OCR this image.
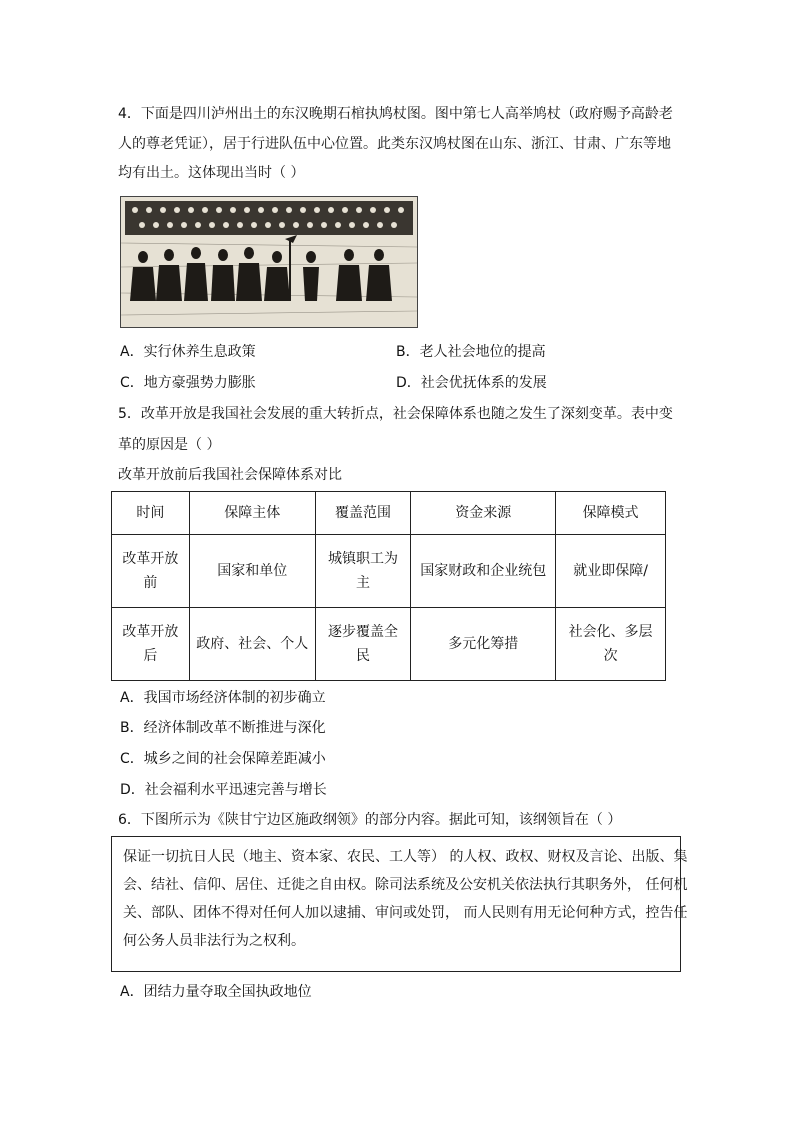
4．下面是四川泸州出土的东汉晚期石棺执鸠杖图。图中第七人高举鸠杖（政府赐予高龄老
人的尊老凭证），居于行进队伍中心位置。此类东汉鸠杖图在山东、浙江、甘肃、广东等地
均有出土。这体现出当时（ ）
A．实行休养生息政策	B．老人社会地位的提高
C．地方豪强势力膨胀	D．社会优抚体系的发展
5．改革开放是我国社会发展的重大转折点，社会保障体系也随之发生了深刻变革。表中变
革的原因是（ ）
改革开放前后我国社会保障体系对比
时间	保障主体	覆盖范围	资金来源	保障模式
改革开放前	国家和单位	城镇职工为主	国家财政和企业统包	就业即保障/
改革开放后	政府、社会、个人	逐步覆盖全民	多元化筹措	社会化、多层次
A．我国市场经济体制的初步确立
B．经济体制改革不断推进与深化
C．城乡之间的社会保障差距减小
D．社会福利水平迅速完善与增长
6．下图所示为《陕甘宁边区施政纲领》的部分内容。据此可知，该纲领旨在（ ）

保证一切抗日人民（地主、资本家、农民、工人等） 的人权、政权、财权及言论、出版、集

会、结社、信仰、居住、迁徙之自由权。除司法系统及公安机关依法执行其职务外， 任何机

关、部队、团体不得对任何人加以逮捕、审问或处罚， 而人民则有用无论何种方式，控告任

何公务人员非法行为之权利。

A．团结力量夺取全国执政地位
